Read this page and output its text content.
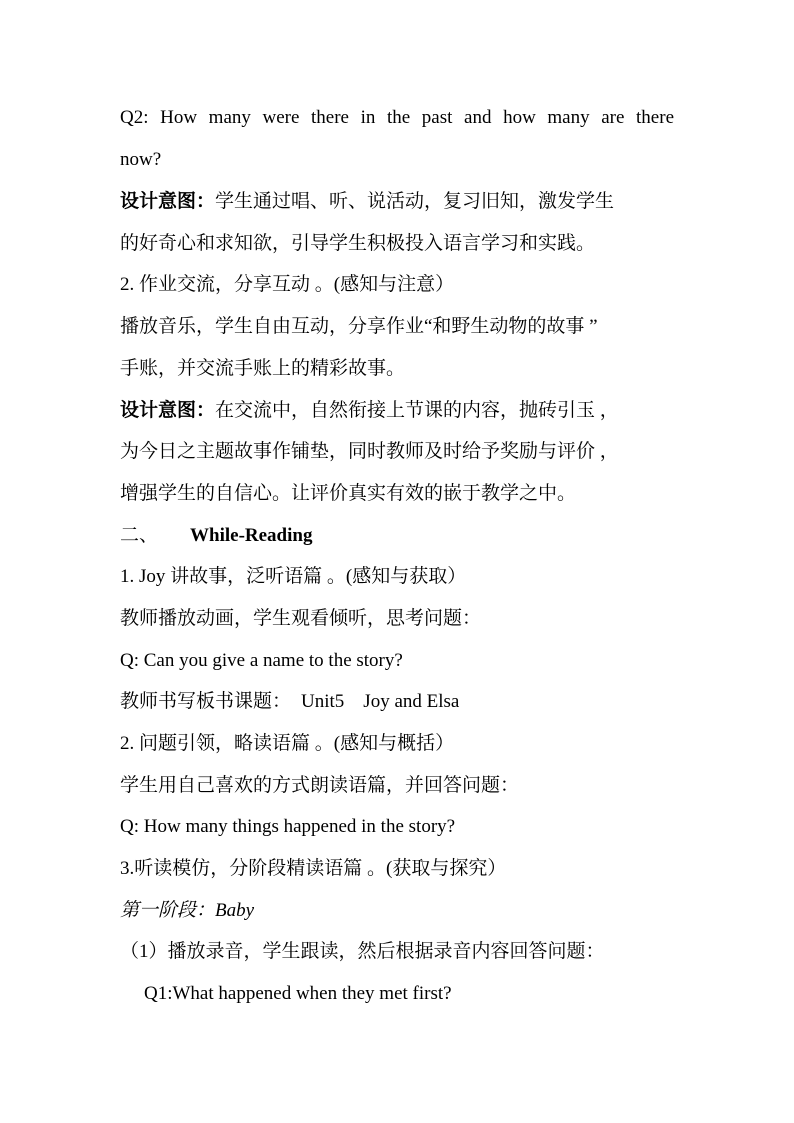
Q2: How many were there in the past and how many are there
now?
设计意图：学生通过唱、听、说活动，复习旧知，激发学生
的好奇心和求知欲，引导学生积极投入语言学习和实践。
2. 作业交流，分享互动 。(感知与注意）
播放音乐，学生自由互动，分享作业“和野生动物的故事 ”
手账，并交流手账上的精彩故事。
设计意图：在交流中，自然衔接上节课的内容，抛砖引玉 ，
为今日之主题故事作铺垫，同时教师及时给予奖励与评价 ，
增强学生的自信心。让评价真实有效的嵌于教学之中。
二、 While-Reading
1. Joy 讲故事，泛听语篇 。(感知与获取）
教师播放动画，学生观看倾听，思考问题：
Q: Can you give a name to the story?
教师书写板书课题： Unit5    Joy and Elsa
2. 问题引领，略读语篇 。(感知与概括）
学生用自己喜欢的方式朗读语篇，并回答问题：
Q: How many things happened in the story?
3.听读模仿，分阶段精读语篇 。(获取与探究）
第一阶段：Baby
（1）播放录音，学生跟读，然后根据录音内容回答问题：
Q1:What happened when they met first?
